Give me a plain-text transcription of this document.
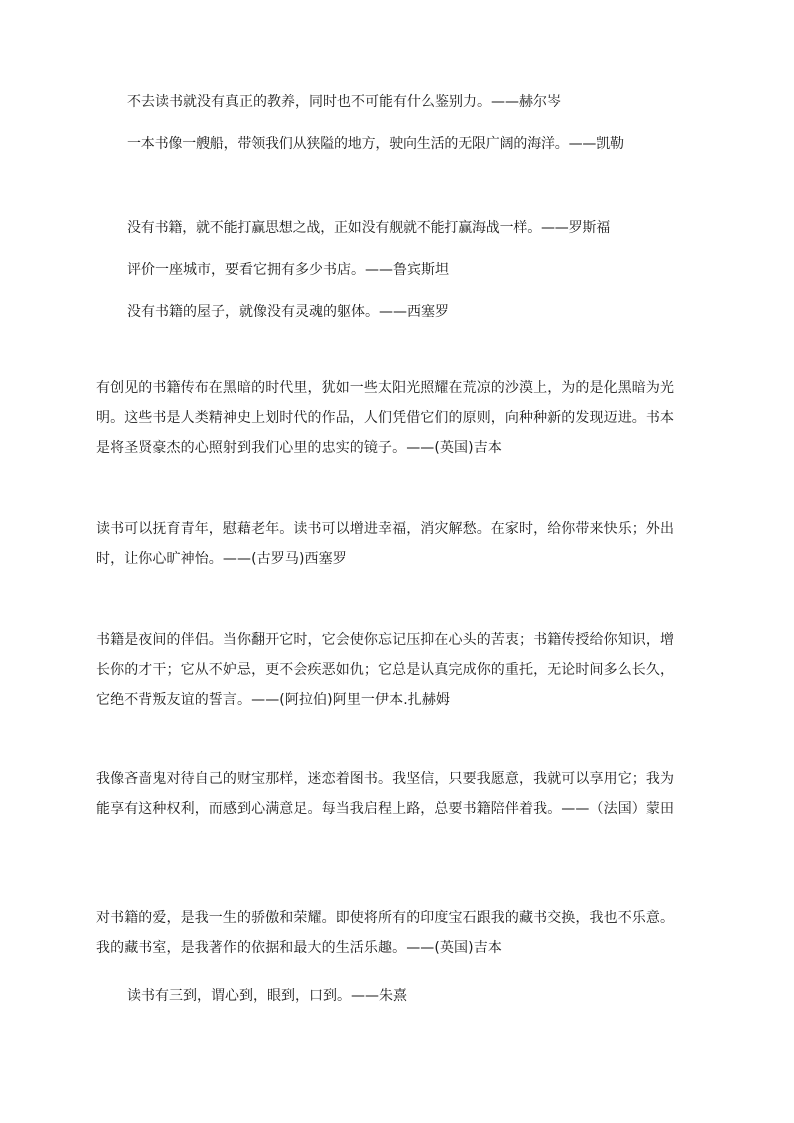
不去读书就没有真正的教养，同时也不可能有什么鉴别力。——赫尔岑

一本书像一艘船，带领我们从狭隘的地方，驶向生活的无限广阔的海洋。——凯勒

没有书籍，就不能打赢思想之战，正如没有舰就不能打赢海战一样。——罗斯福

评价一座城市，要看它拥有多少书店。——鲁宾斯坦

没有书籍的屋子，就像没有灵魂的躯体。——西塞罗

有创见的书籍传布在黑暗的时代里，犹如一些太阳光照耀在荒凉的沙漠上，为的是化黑暗为光明。这些书是人类精神史上划时代的作品，人们凭借它们的原则，向种种新的发现迈进。书本是将圣贤豪杰的心照射到我们心里的忠实的镜子。——(英国)吉本

读书可以抚育青年，慰藉老年。读书可以增进幸福，消灾解愁。在家时，给你带来快乐；外出时，让你心旷神怡。——(古罗马)西塞罗

书籍是夜间的伴侣。当你翻开它时，它会使你忘记压抑在心头的苦衷；书籍传授给你知识，增长你的才干；它从不妒忌，更不会疾恶如仇；它总是认真完成你的重托，无论时间多么长久，它绝不背叛友谊的誓言。——(阿拉伯)阿里一伊本.扎赫姆

我像吝啬鬼对待自己的财宝那样，迷恋着图书。我坚信，只要我愿意，我就可以享用它；我为能享有这种权利，而感到心满意足。每当我启程上路，总要书籍陪伴着我。——（法国）蒙田

对书籍的爱，是我一生的骄傲和荣耀。即使将所有的印度宝石跟我的藏书交换，我也不乐意。我的藏书室，是我著作的依据和最大的生活乐趣。——(英国)吉本

读书有三到，谓心到，眼到，口到。——朱熹
